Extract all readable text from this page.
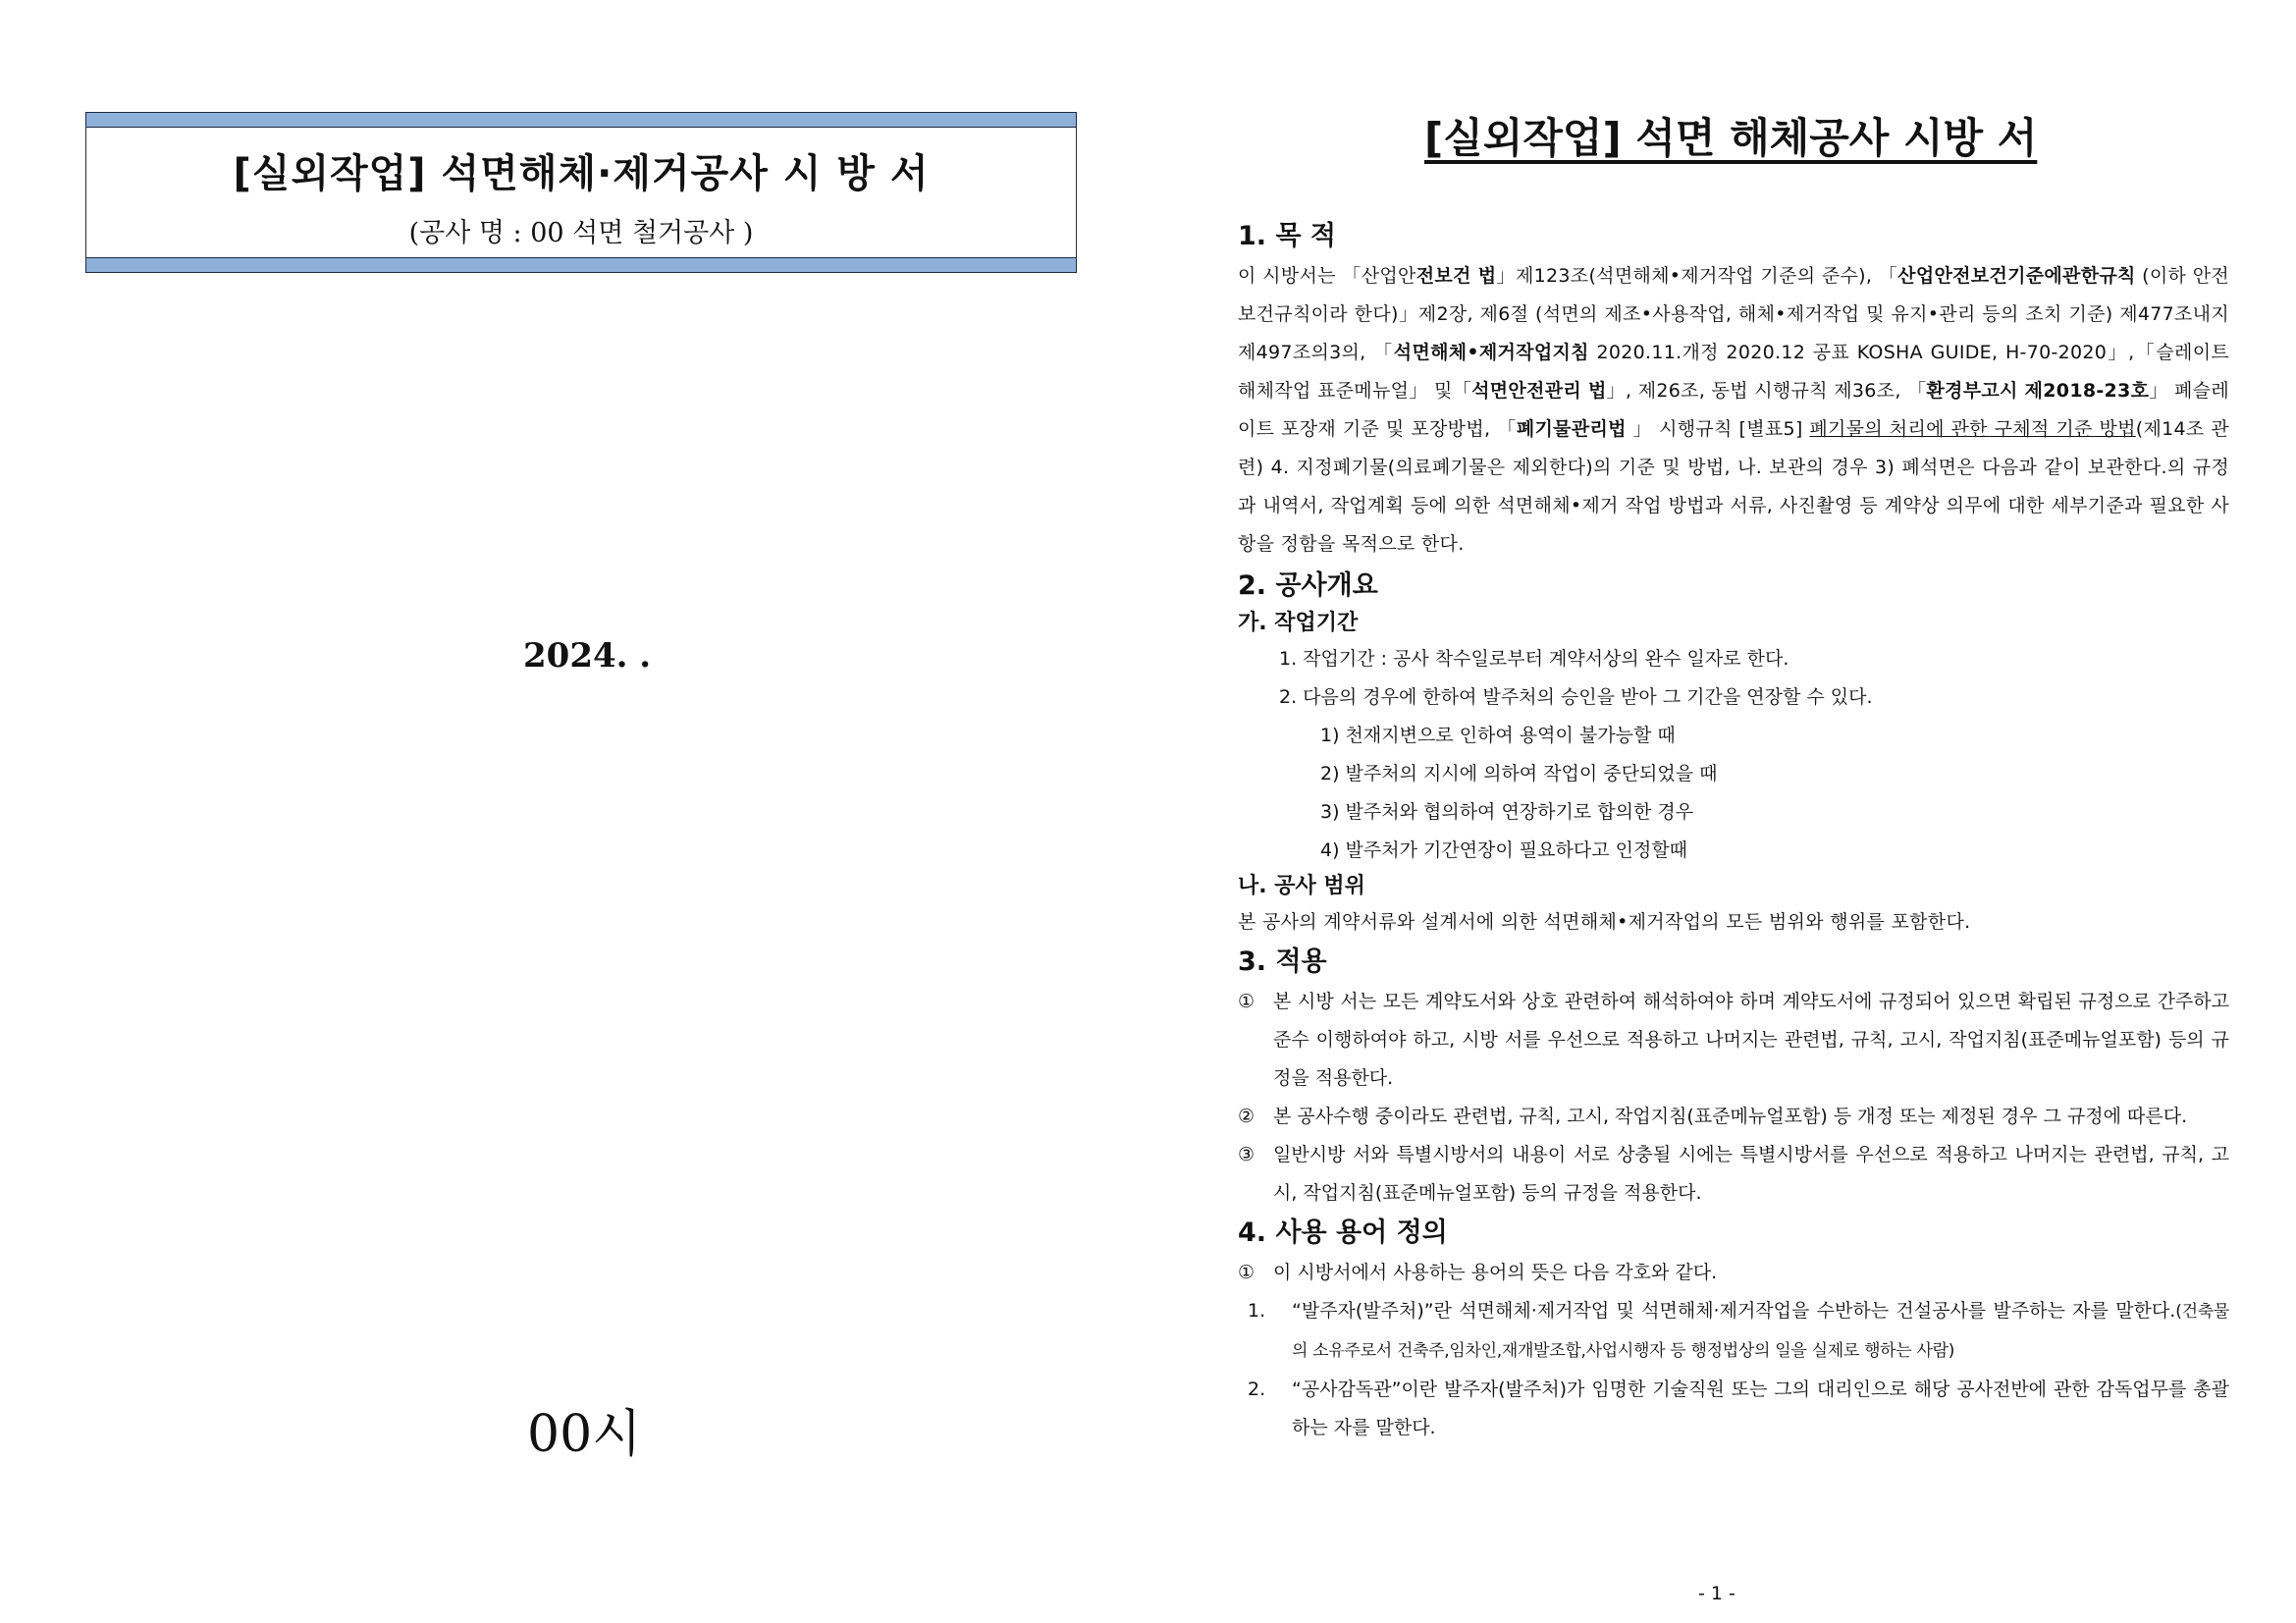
[실외작업] 석면해체·제거공사 시 방 서
(공사 명 : 00 석면 철거공사 )
2024. .
00시
[실외작업] 석면 해체공사 시방 서

1. 목 적

이 시방서는 「산업안전보건 법」제123조(석면해체•제거작업 기준의 준수), 「산업안전보건기준에관한규칙 (이하 안전보건규칙이라 한다)」제2장, 제6절 (석면의 제조•사용작업, 해체•제거작업 및 유지•관리 등의 조치 기준) 제477조내지 제497조의3의, 「석면해체•제거작업지침 2020.11.개정 2020.12 공표 KOSHA GUIDE, H-70-2020」,「슬레이트해체작업 표준메뉴얼」 및「석면안전관리 법」, 제26조, 동법 시행규칙 제36조, 「환경부고시 제2018-23호」 폐슬레이트 포장재 기준 및 포장방법, 「폐기물관리법 」 시행규칙 [별표5] 폐기물의 처리에 관한 구체적 기준 방법(제14조 관련) 4. 지정폐기물(의료폐기물은 제외한다)의 기준 및 방법, 나. 보관의 경우 3) 폐석면은 다음과 같이 보관한다.의 규정과 내역서, 작업계획 등에 의한 석면해체•제거 작업 방법과 서류, 사진촬영 등 계약상 의무에 대한 세부기준과 필요한 사항을 정함을 목적으로 한다.

2. 공사개요

가. 작업기간

1. 작업기간 : 공사 착수일로부터 계약서상의 완수 일자로 한다.

2. 다음의 경우에 한하여 발주처의 승인을 받아 그 기간을 연장할 수 있다.

1) 천재지변으로 인하여 용역이 불가능할 때

2) 발주처의 지시에 의하여 작업이 중단되었을 때

3) 발주처와 협의하여 연장하기로 합의한 경우

4) 발주처가 기간연장이 필요하다고 인정할때

나. 공사 범위

본 공사의 계약서류와 설계서에 의한 석면해체•제거작업의 모든 범위와 행위를 포함한다.

3. 적용

① 본 시방 서는 모든 계약도서와 상호 관련하여 해석하여야 하며 계약도서에 규정되어 있으면 확립된 규정으로 간주하고 준수 이행하여야 하고, 시방 서를 우선으로 적용하고 나머지는 관련법, 규칙, 고시, 작업지침(표준메뉴얼포함) 등의 규정을 적용한다.

② 본 공사수행 중이라도 관련법, 규칙, 고시, 작업지침(표준메뉴얼포함) 등 개정 또는 제정된 경우 그 규정에 따른다.

③ 일반시방 서와 특별시방서의 내용이 서로 상충될 시에는 특별시방서를 우선으로 적용하고 나머지는 관련법, 규칙, 고시, 작업지침(표준메뉴얼포함) 등의 규정을 적용한다.

4. 사용 용어 정의

① 이 시방서에서 사용하는 용어의 뜻은 다음 각호와 같다.

1. “발주자(발주처)”란 석면해체·제거작업 및 석면해체·제거작업을 수반하는 건설공사를 발주하는 자를 말한다.(건축물의 소유주로서 건축주,임차인,재개발조합,사업시행자 등 행정법상의 일을 실제로 행하는 사람)

2. “공사감독관”이란 발주자(발주처)가 임명한 기술직원 또는 그의 대리인으로 해당 공사전반에 관한 감독업무를 총괄하는 자를 말한다.

- 1 -
